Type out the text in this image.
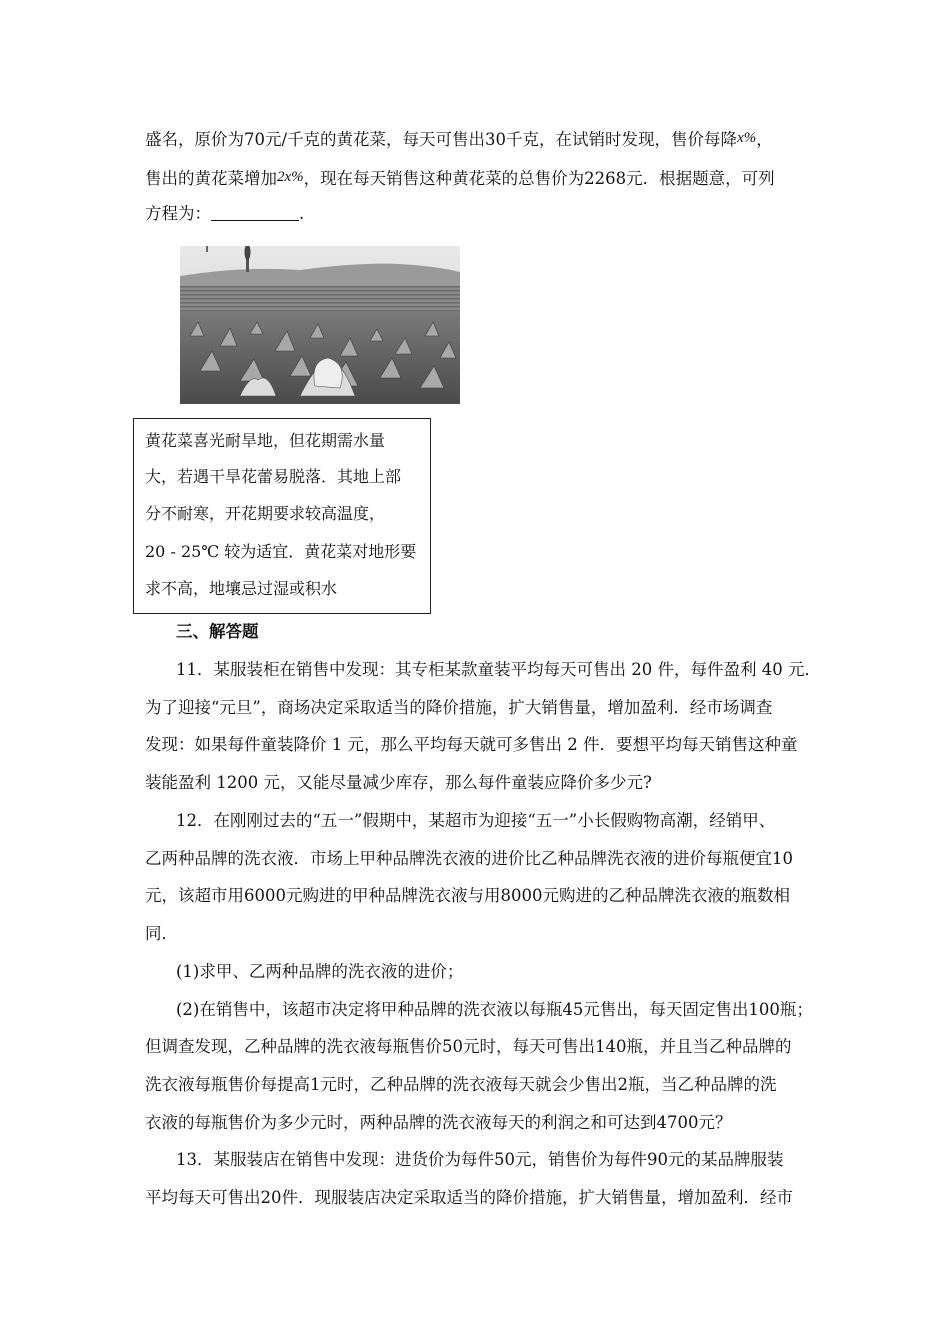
盛名，原价为70元/千克的黄花菜，每天可售出30千克，在试销时发现，售价每降x%，
售出的黄花菜增加2x%，现在每天销售这种黄花菜的总售价为2268元．根据题意，可列
方程为：	.
黄花菜喜光耐旱地，但花期需水量
大，若遇干旱花蕾易脱落．其地上部
分不耐寒，开花期要求较高温度，
20 - 25℃ 较为适宜．黄花菜对地形要
求不高，地壤忌过湿或积水
三、解答题
11．某服装柜在销售中发现：其专柜某款童装平均每天可售出 20 件，每件盈利 40 元．
为了迎接“元旦”，商场决定采取适当的降价措施，扩大销售量，增加盈利．经市场调查
发现：如果每件童装降价 1 元，那么平均每天就可多售出 2 件．要想平均每天销售这种童
装能盈利 1200 元，又能尽量减少库存，那么每件童装应降价多少元?
12．在刚刚过去的“五一”假期中，某超市为迎接“五一”小长假购物高潮，经销甲、
乙两种品牌的洗衣液．市场上甲种品牌洗衣液的进价比乙种品牌洗衣液的进价每瓶便宜10
元，该超市用6000元购进的甲种品牌洗衣液与用8000元购进的乙种品牌洗衣液的瓶数相
同．
(1)求甲、乙两种品牌的洗衣液的进价；
(2)在销售中，该超市决定将甲种品牌的洗衣液以每瓶45元售出，每天固定售出100瓶；
但调查发现，乙种品牌的洗衣液每瓶售价50元时，每天可售出140瓶，并且当乙种品牌的
洗衣液每瓶售价每提高1元时，乙种品牌的洗衣液每天就会少售出2瓶，当乙种品牌的洗
衣液的每瓶售价为多少元时，两种品牌的洗衣液每天的利润之和可达到4700元？
13．某服装店在销售中发现：进货价为每件50元，销售价为每件90元的某品牌服装
平均每天可售出20件．现服装店决定采取适当的降价措施，扩大销售量，增加盈利．经市
